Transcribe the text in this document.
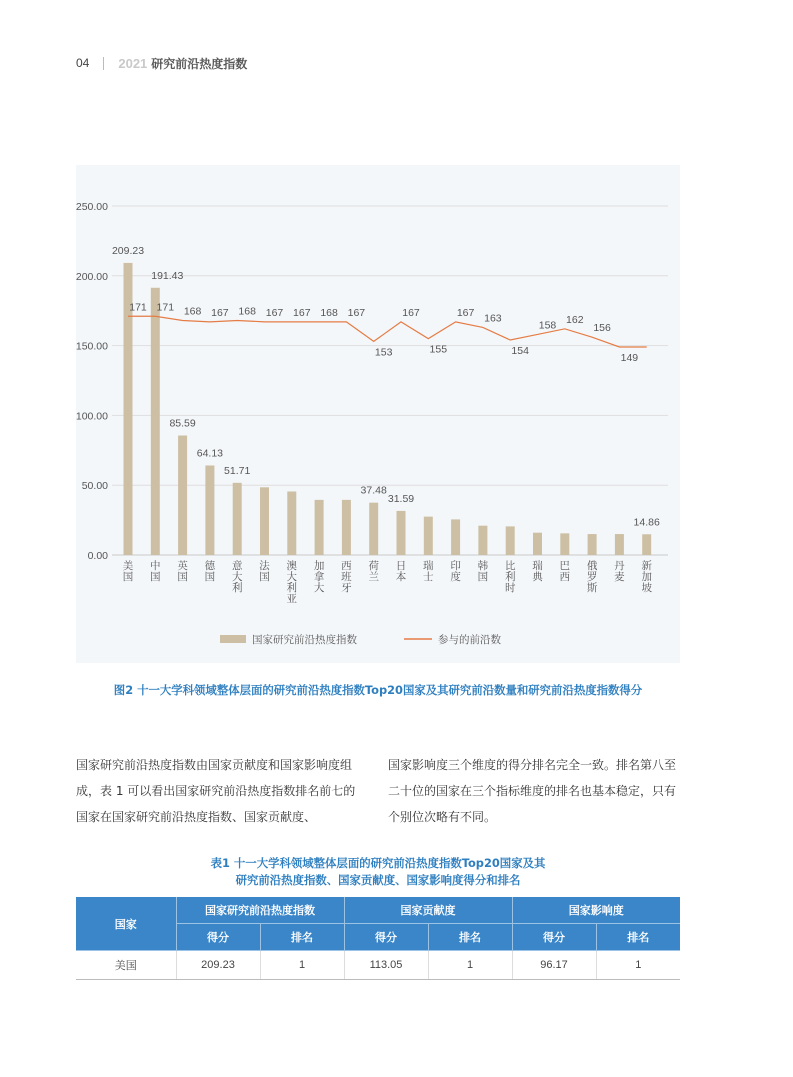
04 2021 研究前沿热度指数
0.00
50.00
100.00
150.00
200.00
250.00
209.23
191.43
85.59
64.13
51.71
37.48
31.59
14.86
171 171 168 167 168 167 167 168 167
153
167
155
167 163
154
158 162
156
149
美国
中国
英国
德国
意大利
法国
澳大利亚
加拿大
西班牙
荷兰
日本
瑞士
印度
韩国
比利时
瑞典
巴西
俄罗斯
丹麦
新加坡
国家研究前沿热度指数	参与的前沿数
图2 十一大学科领域整体层面的研究前沿热度指数Top20国家及其研究前沿数量和研究前沿热度指数得分
国家研究前沿热度指数由国家贡献度和国家影响度组成，表 1 可以看出国家研究前沿热度指数排名前七的国家在国家研究前沿热度指数、国家贡献度、
国家影响度三个维度的得分排名完全一致。排名第八至二十位的国家在三个指标维度的排名也基本稳定，只有个别位次略有不同。
表1 十一大学科领域整体层面的研究前沿热度指数Top20国家及其
研究前沿热度指数、国家贡献度、国家影响度得分和排名
国家	国家研究前沿热度指数		国家贡献度		国家影响度	
	得分	排名	得分	排名	得分	排名
美国	209.23	1	113.05	1	96.17	1
